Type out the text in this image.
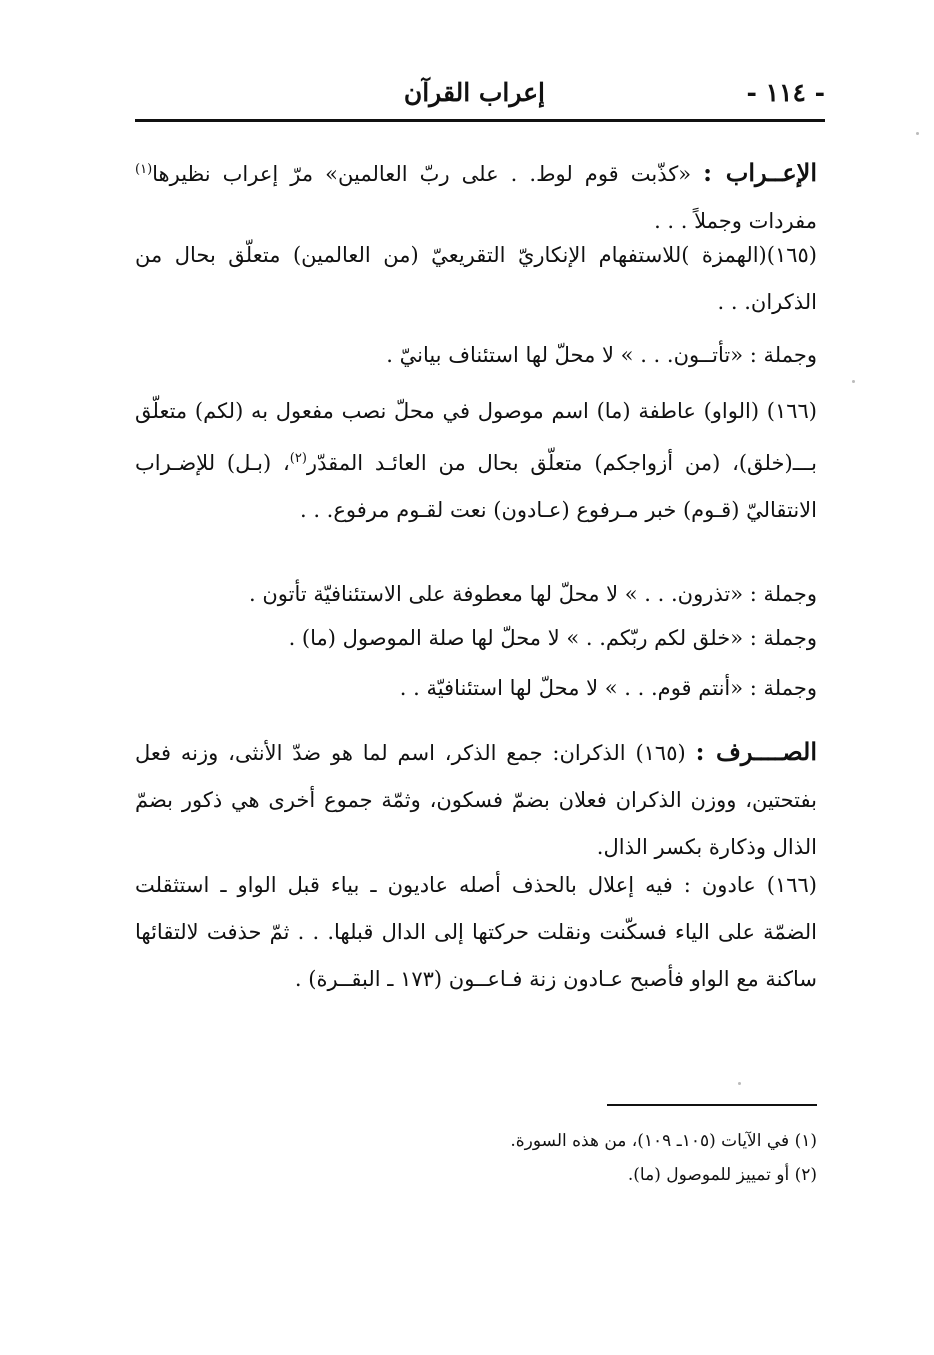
- ١١٤ -
إعراب القرآن

الإعــراب : «كذّبت قوم لوط. . على ربّ العالمين» مرّ إعراب نظيرها$^{(١)}$ مفردات وجملاً . . .

(١٦٥)(الهمزة )للاستفهام الإنكاريّ التقريعيّ (من العالمين) متعلّق بحال من الذكران. . .

وجملة : «تأتــون. . . » لا محلّ لها استئناف بيانيّ .

(١٦٦) (الواو) عاطفة (ما) اسم موصول في محلّ نصب مفعول به (لكم) متعلّق بـــ(خلق)، (من أزواجكم) متعلّق بحال من العائـد المقدّر$^{(٢)}$، (بـل) للإضـراب الانتقاليّ (قـوم) خبر مـرفوع (عـادون) نعت لقـوم مرفوع. . .

وجملة : «تذرون. . . » لا محلّ لها معطوفة على الاستئنافيّة تأتون .

وجملة : «خلق لكم ربّكم. . » لا محلّ لها صلة الموصول (ما) .

وجملة : «أنتم قوم. . . » لا محلّ لها استئنافيّة . .

الصــــرف : (١٦٥) الذكران: جمع الذكر، اسم لما هو ضدّ الأنثى، وزنه فعل بفتحتين، ووزن الذكران فعلان بضمّ فسكون، وثمّة جموع أخرى هي ذكور بضمّ الذال وذكارة بكسر الذال.

(١٦٦) عادون : فيه إعلال بالحذف أصله عاديون ـ بياء قبل الواو ـ استثقلت الضمّة على الياء فسكّنت ونقلت حركتها إلى الدال قبلها. . . ثمّ حذفت لالتقائها ساكنة مع الواو فأصبح عـادون زنة فـاعــون (١٧٣ ـ البقــرة) .

(١) في الآيات (١٠٥ـ ١٠٩)، من هذه السورة.

(٢) أو تمييز للموصول (ما).
